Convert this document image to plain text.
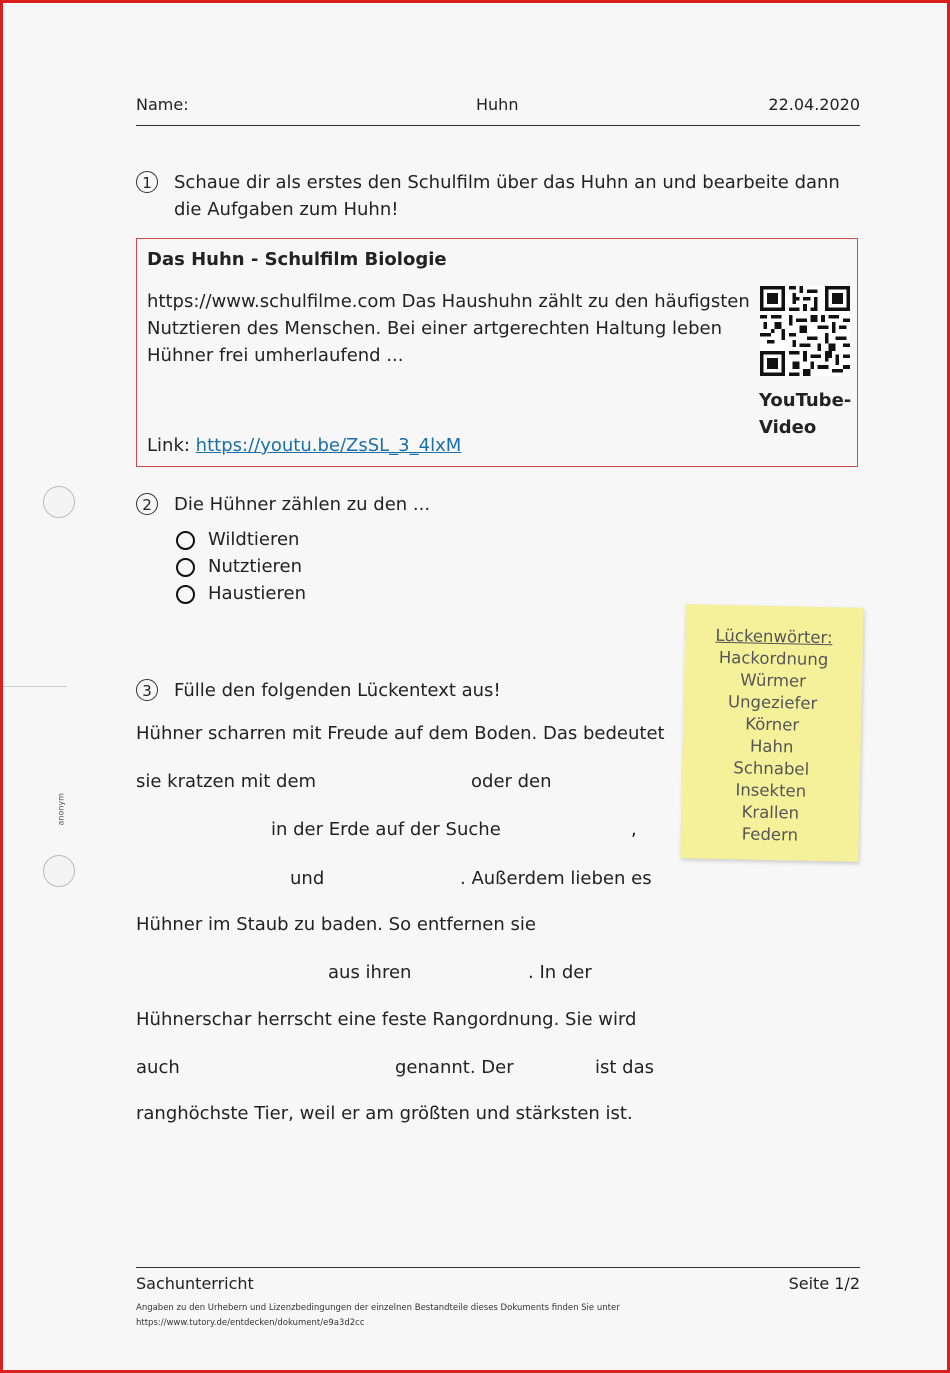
anonym
Name:	Huhn	22.04.2020
1	Schaue dir als erstes den Schulfilm über das Huhn an und bearbeite dann die Aufgaben zum Huhn!
Das Huhn - Schulfilm Biologie
https://www.schulfilme.com Das Haushuhn zählt zu den häufigsten Nutztieren des Menschen. Bei einer artgerechten Haltung leben Hühner frei umherlaufend ...
Link: https://youtu.be/ZsSL_3_4lxM
YouTube-
Video
2	Die Hühner zählen zu den ...
Wildtieren
Nutztieren
Haustieren
Lückenwörter:
Hackordnung
Würmer
Ungeziefer
Körner
Hahn
Schnabel
Insekten
Krallen
Federn
3	Fülle den folgenden Lückentext aus!
Hühner scharren mit Freude auf dem Boden. Das bedeutet
sie kratzen mit dem	oder den
in der Erde auf der Suche	,
und	. Außerdem lieben es
Hühner im Staub zu baden. So entfernen sie
aus ihren	. In der
Hühnerschar herrscht eine feste Rangordnung. Sie wird
auch	genannt. Der	ist das
ranghöchste Tier, weil er am größten und stärksten ist.
Sachunterricht	Seite 1/2
Angaben zu den Urhebern und Lizenzbedingungen der einzelnen Bestandteile dieses Dokuments finden Sie unter
https://www.tutory.de/entdecken/dokument/e9a3d2cc
